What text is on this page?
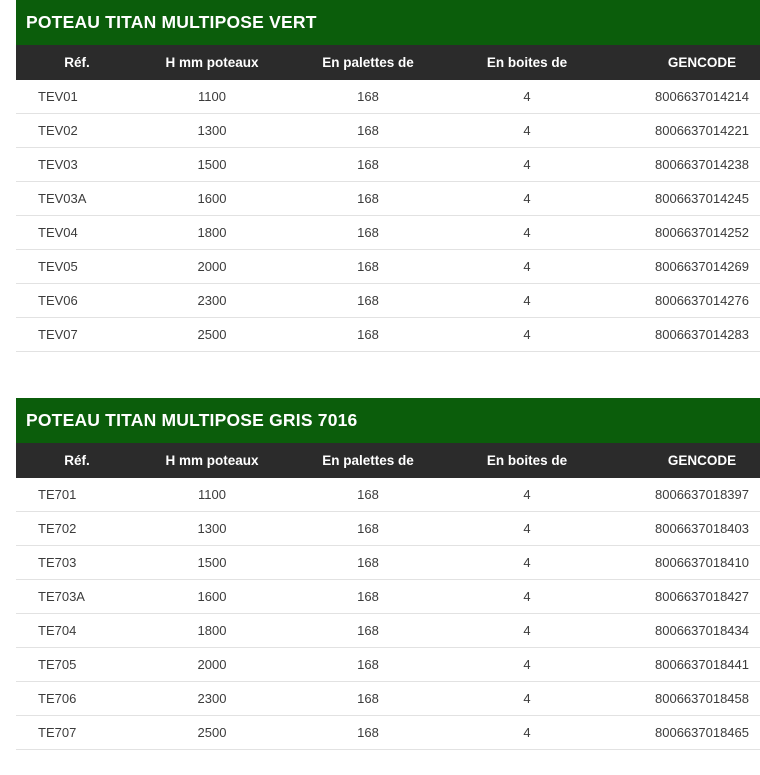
POTEAU TITAN MULTIPOSE VERT
Réf.	H mm poteaux	En palettes de	En boites de	GENCODE
TEV01	1100	168	4	8006637014214
TEV02	1300	168	4	8006637014221
TEV03	1500	168	4	8006637014238
TEV03A	1600	168	4	8006637014245
TEV04	1800	168	4	8006637014252
TEV05	2000	168	4	8006637014269
TEV06	2300	168	4	8006637014276
TEV07	2500	168	4	8006637014283
POTEAU TITAN MULTIPOSE GRIS 7016
Réf.	H mm poteaux	En palettes de	En boites de	GENCODE
TE701	1100	168	4	8006637018397
TE702	1300	168	4	8006637018403
TE703	1500	168	4	8006637018410
TE703A	1600	168	4	8006637018427
TE704	1800	168	4	8006637018434
TE705	2000	168	4	8006637018441
TE706	2300	168	4	8006637018458
TE707	2500	168	4	8006637018465
